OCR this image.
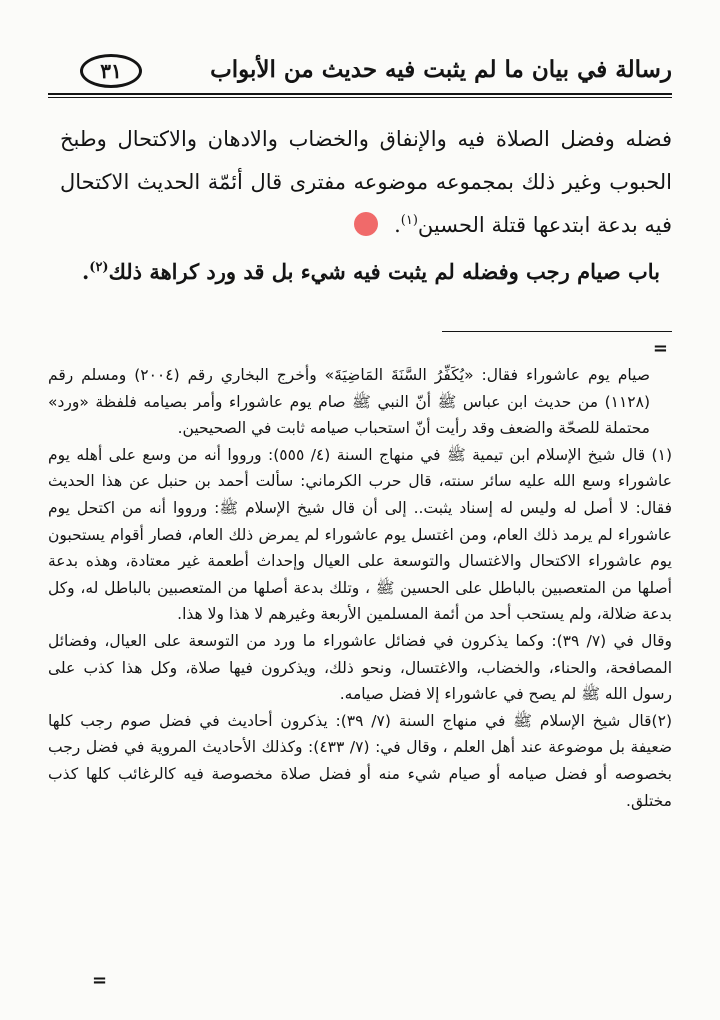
رسالة في بيان ما لم يثبت فيه حديث من الأبواب
٣١

فضله وفضل الصلاة فيه والإنفاق والخضاب والادهان والاكتحال وطبخ الحبوب وغير ذلك بمجموعه موضوعه مفترى قال أئمّة الحديث الاكتحال فيه بدعة ابتدعها قتلة الحسين$^{(١)}$.

باب صيام رجب وفضله لم يثبت فيه شيء بل قد ورد كراهة ذلك$^{(٢)}$.
=

صيام يوم عاشوراء فقال: «يُكَفِّرُ السَّنَةَ المَاضِيَةَ» وأخرج البخاري رقم (٢٠٠٤) ومسلم رقم (١١٢٨) من حديث ابن عباس ﷺ أنّ النبي ﷺ صام يوم عاشوراء وأمر بصيامه فلفظة «ورد» محتملة للصحّة والضعف وقد رأيت أنّ استحباب صيامه ثابت في الصحيحين.

(١) قال شيخ الإسلام ابن تيمية ﷺ في منهاج السنة (٤/ ٥٥٥): ورووا أنه من وسع على أهله يوم عاشوراء وسع الله عليه سائر سنته، قال حرب الكرماني: سألت أحمد بن حنبل عن هذا الحديث فقال: لا أصل له وليس له إسناد يثبت.. إلى أن قال شيخ الإسلام ﷺ: ورووا أنه من اكتحل يوم عاشوراء لم يرمد ذلك العام، ومن اغتسل يوم عاشوراء لم يمرض ذلك العام، فصار أقوام يستحبون يوم عاشوراء الاكتحال والاغتسال والتوسعة على العيال وإحداث أطعمة غير معتادة، وهذه بدعة أصلها من المتعصبين بالباطل على الحسين ﷺ ، وتلك بدعة أصلها من المتعصبين بالباطل له، وكل بدعة ضلالة، ولم يستحب أحد من أئمة المسلمين الأربعة وغيرهم لا هذا ولا هذا.

وقال في (٧/ ٣٩): وكما يذكرون في فضائل عاشوراء ما ورد من التوسعة على العيال، وفضائل المصافحة، والحناء، والخضاب، والاغتسال، ونحو ذلك، ويذكرون فيها صلاة، وكل هذا كذب على رسول الله ﷺ لم يصح في عاشوراء إلا فضل صيامه.

(٢)قال شيخ الإسلام ﷺ في منهاج السنة (٧/ ٣٩): يذكرون أحاديث في فضل صوم رجب كلها ضعيفة بل موضوعة عند أهل العلم ، وقال في: (٧/ ٤٣٣): وكذلك الأحاديث المروية في فضل رجب بخصوصه أو فضل صيامه أو صيام شيء منه أو فضل صلاة مخصوصة فيه كالرغائب كلها كذب مختلق.

=
